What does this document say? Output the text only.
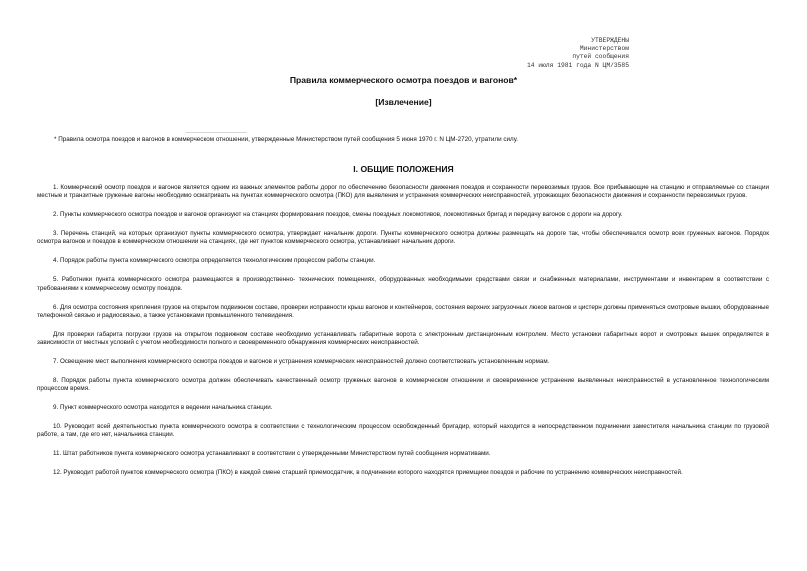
УТВЕРЖДЕНЫ
Министерством
путей сообщения
14 июля 1981 года N ЦМ/3585
Правила коммерческого осмотра поездов и вагонов*
[Извлечение]
________________
* Правила осмотра поездов и вагонов в коммерческом отношении, утвержденные Министерством путей сообщения 5 июня 1970 г. N ЦМ-2720, утратили силу.
I. ОБЩИЕ ПОЛОЖЕНИЯ

1. Коммерческий осмотр поездов и вагонов является одним из важных элементов работы дорог по обеспечению безопасности движения поездов и сохранности перевозимых грузов. Все прибывающие на станцию и отправляемые со станции местные и транзитные груженые вагоны необходимо осматривать на пунктах коммерческого осмотра (ПКО) для выявления и устранения коммерческих неисправностей, угрожающих безопасности движения и сохранности перевозимых грузов.

2. Пункты коммерческого осмотра поездов и вагонов организуют на станциях формирования поездов, смены поездных локомотивов, локомотивных бригад и передачу вагонов с дороги на дорогу.

3. Перечень станций, на которых организуют пункты коммерческого осмотра, утверждает начальник дороги. Пункты коммерческого осмотра должны размещать на дороге так, чтобы обеспечивался осмотр всех груженых вагонов. Порядок осмотра вагонов и поездов в коммерческом отношении на станциях, где нет пунктов коммерческого осмотра, устанавливает начальник дороги.

4. Порядок работы пункта коммерческого осмотра определяется технологическим процессом работы станции.

5. Работники пункта коммерческого осмотра размещаются в производственно- технических помещениях, оборудованных необходимыми средствами связи и снабженных материалами, инструментами и инвентарем в соответствии с требованиями к коммерческому осмотру поездов.

6. Для осмотра состояния крепления грузов на открытом подвижном составе, проверки исправности крыш вагонов и контейнеров, состояния верхних загрузочных люков вагонов и цистерн должны применяться смотровые вышки, оборудованные телефонной связью и радиосвязью, а также установками промышленного телевидения.

Для проверки габарита погрузки грузов на открытом подвижном составе необходимо устанавливать габаритные ворота с электронным дистанционным контролем. Место установки габаритных ворот и смотровых вышек определяется в зависимости от местных условий с учетом необходимости полного и своевременного обнаружения коммерческих неисправностей.

7. Освещение мест выполнения коммерческого осмотра поездов и вагонов и устранения коммерческих неисправностей должно соответствовать установленным нормам.

8. Порядок работы пункта коммерческого осмотра должен обеспечивать качественный осмотр груженых вагонов в коммерческом отношении и своевременное устранение выявленных неисправностей в установленное технологическим процессом время.

9. Пункт коммерческого осмотра находится в ведении начальника станции.

10. Руководит всей деятельностью пункта коммерческого осмотра в соответствии с технологическим процессом освобожденный бригадир, который находится в непосредственном подчинении заместителя начальника станции по грузовой работе, а там, где его нет, начальника станции.

11. Штат работников пункта коммерческого осмотра устанавливают в соответствии с утвержденными Министерством путей сообщения нормативами.

12. Руководит работой пунктов коммерческого осмотра (ПКО) в каждой смене старший приемосдатчик, в подчинении которого находятся приемщики поездов и рабочие по устранению коммерческих неисправностей.
